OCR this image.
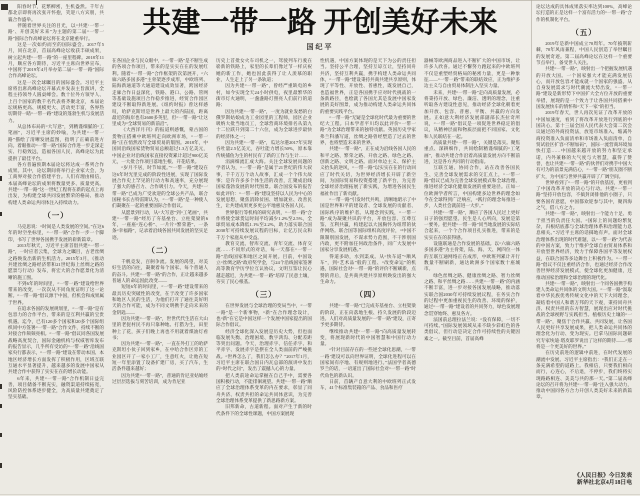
阳春时节，花繁柳密，生机盎然。千年古都北京即将再次张开怀抱，笑迎八方宾朋，共襄合作盛举。

伴随着世界关注的目光，以“共建‘一带一路’、开创美好未来”为主题的第二届“一带一路”国际合作高峰论坛将在北京隆重举行。

这是一次如约而至的国际盛会。2017年5月，同在北京，首届高峰论坛收获丰硕成果，树立起共建“一带一路”的一座里程碑。2018年11月，顺应各方期待，习近平主席向世界宣布，中国将于2019年4月举办第二届“一带一路”国际合作高峰论坛。

这是一次全球瞩目的国际盛会。习近平主席将出席高峰论坛开幕式并发表主旨演讲，全程主持领导人圆桌峰会。数十位外方领导人、上百个国家的数千名代表将齐聚北京，本届论坛规格更高、规模更大、活动更丰富，各界热切期待一睹“一带一路”建设的蓬勃生机与发展活力。

从总体布局的“大写意”，到精谨细腻的“工笔画”，习近平主席的妙喻，为共建“一带一路”描绘了清晰发展蓝图，指明了正确前进方向。着眼推动“一带一路”国际合作进一步走深走实、行稳致远，造福各国人民，高峰论坛为此提供了最佳平台。

各方普遍预期本届论坛将达成一系列合作成果。其中，论坛期间将举行企业家大会，为工商界对接合作搭建平台。人们有理由相信，本届高峰论坛的成果将数量更多、质量更高。共建“一带一路”这一世纪工程将在新的起点上再出发，为构建全球共同发展繁荣的格局、推动构建人类命运共同体注入持续动力。

（一）

马克思说：“时间是人类发展的空间。”在这6年的时空坐标里，“一带一路”合作一步一个脚印，书写了世界各国携手发展的崭新篇章。

2013年秋天，习近平主席首倡共建“一带一路”，一时应者云集，全球为之瞩目，古老丝绸之路焕发出新的生机活力。2015年3月，《推动共建丝绸之路经济带和21世纪海上丝绸之路的愿景与行动》发布，将宏大的合作愿景化为清晰的施工图。

不到6年的时间里，“一带一路”建设给世界带来的改变，一次次从不同角度证明了这一论断。“一带一路”倡议源于中国，但机会和成果属于世界。

在追求各国的发展规划里，“一带一路”是有包容力的合作平台，带来的是互利共赢的宝贵机遇。迄今，已有120多个国家和20多个国际组织同中方签署“一带一路”合作文件，持续不断的对接合作频频亮相。“一带一路”倡议同各国发展战略高度契合，国际金融机构与权威智库发布的报告显示，几乎所有受访的“一带一路”沿线国家央行都表示，“一带一路”建设在带动本国、本地区经济增长方面发挥了积极作用，区域互联互通水平显著提升，越来越多的发展中国家从共建合作中获得了实实在在的增长动能。

6年来，共建“一带一路”合作机制日益完善，项目储备不断充实，融资渠道持续拓宽，风险防控体系逐步健全，为高质量共建奠定了坚实基础。

共建一带一路 开创美好未来
国纪平

在各国企业与民众眼中，“一带一路”是不断生成的各项合作项目，带来的是实实在在的发展红利。随着“一带一路”合作框架的次第展开，“六廊六路多国多港”主骨架逐步成形，中欧班列、陆海新通道等大通道建设成效显著，跨国经济走廊合作日益深化，铁路、港口、公路、管网等基础设施项目合作稳步推进，经贸合作园区建设不断取得新进展。《纽约时报》曾这样感叹，哈萨克斯坦是世界上最大的内陆国，距离最近的海岸也有2600多英里，但“一带一路”让这里成为“全球贸易的新前沿”。

《大西洋月刊》的报道则感慨，蒙古国的货物正搭乘中欧班列走向欧洲市场，“一带一路”正在悄然改写全球贸易的版图。2018年，中国同沿线国家货物贸易总额超过1.3万亿美元，中国企业对沿线国家直接投资累计超过900亿美元，一大批合作项目落地生根、开花结果。

“岁月不居，时节如流。”“一带一路”建设在这6年时光里完成的阶段性进展，实现了国际发展合作史上罕见的行动力和高速率，充分展现了强大的感召力、合作吸引力。今天，共建“一带一路”已成为广受欢迎的全球公共产品，联合国秘书长古特雷斯认为，“一带一路”是一种使人们凝聚在一起的重要国际合作倡议。

从愿景到行动，从“大写意”到“工笔画”，共建“一带一路”经历了夯基垒台、立柱架梁的6年，一座座“连心桥”、一片片“繁荣港”、一条条“幸福路”，记录着沿线各国共同发展的坚实足迹。

（二）

千帆竞发，百舸争流。发展的渴望，对美好生活的向往，凝聚着每个国家、每个普通人的奋斗。共建“一带一路”的合作，正让越来越多普通人的命运因此改变——

短短6年的时间里，“一带一路”建设带来的最具历史突破性的改变，在于改变了许多国家和地区人民的生活，为他们打开了通往美好明天的合作可能，成为不同文明携手走向未来的金钥匙——

因为共建“一带一路”，世世代代生活在大山里的老挝村民不再只靠种地、打猎为生，田里种上了花，孩子们晚上再也不用就着煤油灯看书；

因为共建“一带一路”，一直在外打工的哈萨克斯坦小伙子回到家乡，在中哈合作区旁的工业园区开了一家小工厂，生意红火，让他在短短一年里添置了设备扩建厂房，买了汽车，生活条件越来越好；

因为共建“一带一路”，普通的肯尼亚姑娘经过层层选拔与刻苦培训，成为肯尼亚

历史上首批女火车司机之一，驾驶列车行驶在崭新的铁路上，家里的长辈们像过节一样庆祝她的新工作，她也因此获得了让人羡慕的职业，人生走上了另一条轨道；

因为共建“一带一路”，曾经严重缺电的乡村，如今实现全天24小时供电，夜里最繁华的街市灯火通明，一盏盏路灯照亮人们前行的道路；

因为共建“一带一路”，一度为就业发愁的白俄罗斯姑娘成为工业园里的工程师，园区企业吸纳大批当地员工，全球营商环境排名从第九十二位跃升到第二十六位，成为全球进步最快的经济体之一；

因为共建“一带一路”，瓜达尔港2017年实现吞吐量2.5亿美元，吞吐能力增长50%，原本靠传统捕鱼为生的村民有了新的工作与生计……

涓滴细流汇成大海。关注全球发展问题的学者认为，“一带一路”是属于21世纪的伟大叙事，千千万万个动人故事，汇成一个个伟大故事；是许许多多个体生活的改善，汇聚成沿线国家蓬勃发展的时代图景。联合国发布的报告如此评价：“一带一路”建设坚持以人民为中心的发展思想，聚焦消除贫困、增加就业、改善民生，让共建成果更多更公平地惠及各国人民。

世界银行等机构的研究表明，“一带一路”合作将使全球货运时间平均减少1.2%至2.5%，全球贸易成本降低1.1%至2.2%，助力落实联合国2030年可持续发展议程的目标，让亿万民众和千万个家庭从中受益。

教育交流、智库交流、青年交流、体育交流……不同形式的对话，每一天都在“一带一路”沿线国家和地区之间开展。目前，中国设立“丝绸之路”政府奖学金，与24个沿线国家签署高等教育学历学位互认协议，文明互鉴让民心越走越近，为共建“一带一路”培厚了民意土壤，夯实了民心根基。

（三）

在世界发展与全球治理的变局当中，“一带一路”是一个新事物，“新”在合作理念设计，也“新”在它是中国这样一个发展中国家提出的国际合作倡议。

经济全球化深入发展是历史大势，但也面临发展失衡、治理困境、数字鸿沟、分配差距等突出问题。今天，治理赤字、信任赤字、和平赤字、发展赤字是摆在全人类面前的严峻挑战。“世界怎么了，我们怎么办？”2017年1月，习近平主席在联合国日内瓦总部的演讲中发出的“时代之问”，发出了震撼人心的力量。

把人类前途命运掌握在自己手中，需要各国积极行动，不能徘徊观望。共建“一带一路”顺应了全球治理体系变革的内在要求，彰显了同舟共济、权责共担的命运共同体意识，为完善全球治理体系变革提供了新思路新方案。

旧邦新命，古道新程。面对产生于新的时代条件下的全球性课题，中国方案展现

性机遇，中国方案体现的是天下为公的责任担当。坚持公平合理，坚持互谅互让，坚持同舟共济，坚持互利共赢，携手构建人类命运共同体，“一带一路”建设秉持共商共建共享原则，体现了平等性、开放性、普惠性，既发展自己，也造福世界，正是各国携手应对时代挑战的一条新路径，也绘就了各国尤其是发展中国家发展的美好图景，成为推动构建人类命运共同体的重要实践平台。

“一带一路”无疑是全球化时代最为重要的世纪大工程。日本学者平川均以此评价“一带一路”为全球治理带来的独特贡献。英国历史学家弗兰科潘写道，丝绸之路曾经塑造了过去的世界，也将塑造未来的世界。

共建“一带一路”，正在成为沿线各国人民的和平之路、繁荣之路、开放之路、绿色之路、创新之路、文明之路。面对单边主义、保护主义抬头的逆风，“一带一路”以实实在在的行动回应了时代关切，为世界经济增长开辟了新空间，为国际贸易和投资搭建了新平台，为完善全球经济治理拓展了新实践，为增进各国民生福祉作出了新贡献。

“一带一路”引发时代共鸣，清晰地昭示了中国是世界和平的建设者、全球发展的贡献者、国际秩序的维护者。从理念到实践，“一带一路”成为凝聚共识的平台，开放包容、互尊互鉴、互利共赢，构建起以大国胸怀为纽带的伙伴网络。联合国等国际组织高度评价，“中国不限制别国发展，不谋求势力范围，不干涉别国内政，更不附加任何政治条件，同广大发展中国家分享发展机遇。”

得道多助，水到渠成。从“快车道”“顺风车”，到“艺术品”般的工程、“改变命运”的机遇，国际社会对“一带一路”的评价不断刷新，点赞的背后，是共商共建共享原则焕发出的强大生命力。

（四）

共建“一带一路”已完成夯基垒台、立柱架梁的阶段，正在向落地生根、持久发展的阶段迈进。人们对高质量发展的“一带一路”建设，正寄予更多期待。

继续推动共建“一带一路”向高质量发展转变，将展现新时代的中国智慧和中国行动力量。

“针对目前存在的一些逆全球化思潮，‘一带一路’建设可以向世界证明，全球化进程可以在国家间有序地、有规则地进行。”法国学者高德罗兰的话，一语道出了国际社会对“一带一路”时代角色的新认识。

日前，首辆产自意大利的中欧班列正式发车，41个标准集装箱的产品、食品和医疗

器械等欧洲商品进入不断扩大的中国市场，让许多人欣喜。通过不懈努力跑起来的中欧班列不仅是重塑经贸格局的秘密力量，更是一种象征——“一带一路”带来的联结效应，正为维护多边主义与自由贸易体制注入坚实力量。

未来，共建“一带一路”走向高质量发展，必将秉持开放、绿色、廉洁、透明的理念，注重听取各方建设性意见，推动经济全球化朝着更加开放、包容、普惠、平衡、共赢的方向发展。正如意大利经济发展部副部长杰拉奇所说，“一带一路”倡议是一项促进世界稳定的倡议，从精神层面和物质层面把不同国家、文化和人民联结在一起。

高质量共建“一带一路”，关键是落实。聚焦重点、深耕细作，共同绘制精谨细腻的“工笔画”，推动共建合作沿着高质量发展方向不断前进，这是各方共同的行动指南。

互联互通、协同合作，站在改善各国民生、完善全球发展需求的交汇点上，“一带一路”倡议已成为完善全球发展模式和全球治理、推进经济全球化健康发展的重要途径。正如一位欧洲学者所言，中国构建多边世界的理念如今在全球得到广泛响应，“践行的理念每推进一步，人类社会就前进一大步。”

共建“一带一路”，顺应了各国人民过上更好日子的强烈愿望。民生是人心所向，发展是第一要务。把共建“一带一路”同当地发展的实际结合起来，一个个合作项目扎实推进，带来的是实实在在的获得感。

设施联通是合作发展的基础。以“六廊六路多国多港”为主骨架，陆、海、天、网四位一体的互联互通网络正在成形，中欧班列累计开行数量不断刷新，通达欧洲多个国家数十座城市。

绿色丝绸之路、健康丝绸之路、智力丝绸之路、和平丝绸之路……共建“一带一路”的内涵不断丰富，进一步对接各国发展战略，推动落实联合国2030年可持续发展议程，在务实合作的过程中更加重视民生的改善、环境的保护，通过“一带一路”建设者的共同努力，绿色发展理念贯穿始终、惠及各方。

法国前总理拉法兰说：“没有保障，一切不可持续。”国际发展领域从来不缺少彩虹色的各类倡议，但行动是决定合作可持续性的关键因素之一。截至目前，首届高峰

论坛达成的具体成果落实率达到100%，高峰论坛打造的正是这样一个富有活力的“一带一路”合作的机制化平台。

（五）

2019年是新中国成立70周年。70年披荆斩棘，70年风雨兼程，中国人民创造了举世瞩目的发展奇迹。第二届高峰论坛在这样一个重要节点举行，备受世人关注。

共建“一带一路”，映射出一个把握发展机遇的开放大国。一个国家强大才能充满发展信心，而开放包容才能成就一个国家的强盛。从自身发展需求与时代潮流大势出发，“一带一路”建设是新形势下中国扩大全方位开放的重要举措，展现的是一个致力于让各国共同搭乘中国发展快车的情怀和“天下一家”的担当。

2019年春天，世人再次见证了改革开放的中国加速度，看到了将改革开放进行到底的中国决心。第十三届全国人民代表大会第二次会议通过的外商投资法，放宽市场准入，缩减外商投资准入负面清单和市场准入负面清单，自贸试验区扩容“不断加码”，国际一流营商环境加快打造……中国越来越开放的努力和坚定承诺，内外兼修的大气度与大智慧，赢得了赞誉，也让共建“一带一路”的伙伴们对携手中国大有可为的前景充满信心，“一带一路”朋友圈不断扩大，为中国与世界共赢开辟了广阔空间。

世界看到了“一带一路”的开放基因，更看到了中国改革开放的决心与行动。共建“一带一路”坚持开放包容，不搞封闭排他的小圈子，只要各国有意愿，中国都欢迎参与其中，聚四海之气，借八方之力。

共建“一带一路”，映射出一个能力十足、勇于担当的负责任大国。“国际上的问题纷繁复杂，归根结底都与全球治理体系和治理能力息息相关。”习近平主席的话掷地有声。面对全球治理体系出现的时代难题，以“一带一路”为代表的中国方案，致力于维护全球自由贸易体系和开放型世界经济，致力于保障各国平等发展权益，在联合国等多边舞台上积极作为。“一带一路”倡议不仅注重经济合作，也通过经济合作改善世界经济发展模式，使全球化更加健康，还推动国家治理和全球治理的现代化。

共建“一带一路”，映射出一个同各国携手构建人类命运共同体的文明大国。“一带一路”汲取着中华民族优秀传统文化中的天下大同理念，凝结着中国人和谐万邦的天下观，秉持同舟共济、权责共担的东方智慧，展现出应对时代挑战的全球视野与实践担当。植根历史土壤的“一带一路”，聚焦于合作共赢、共同发展，让各国人民更好共享发展成果，把人类命运共同体的理念化为行动、变为现实。巴拿马国际问题研究专家埃迪·塔皮耶罗说出了这样的期待——“那将是一个更美好的世界。”

在历史前进的逻辑中前进，在时代发展的潮流中发展。习近平主席指出：“我们正走在一条充满希望的道路上。我相信，只要我们相向而行，心连心，不后退，不停步，我们终将实现路路相连、美美与共的那一天。”第二届高峰论坛的召开将为共建“一带一路”注入强大动力，推动中国同各方合力开创人类美好未来的新篇章。

《人民日报》今日发表
新华社北京4月18日电
